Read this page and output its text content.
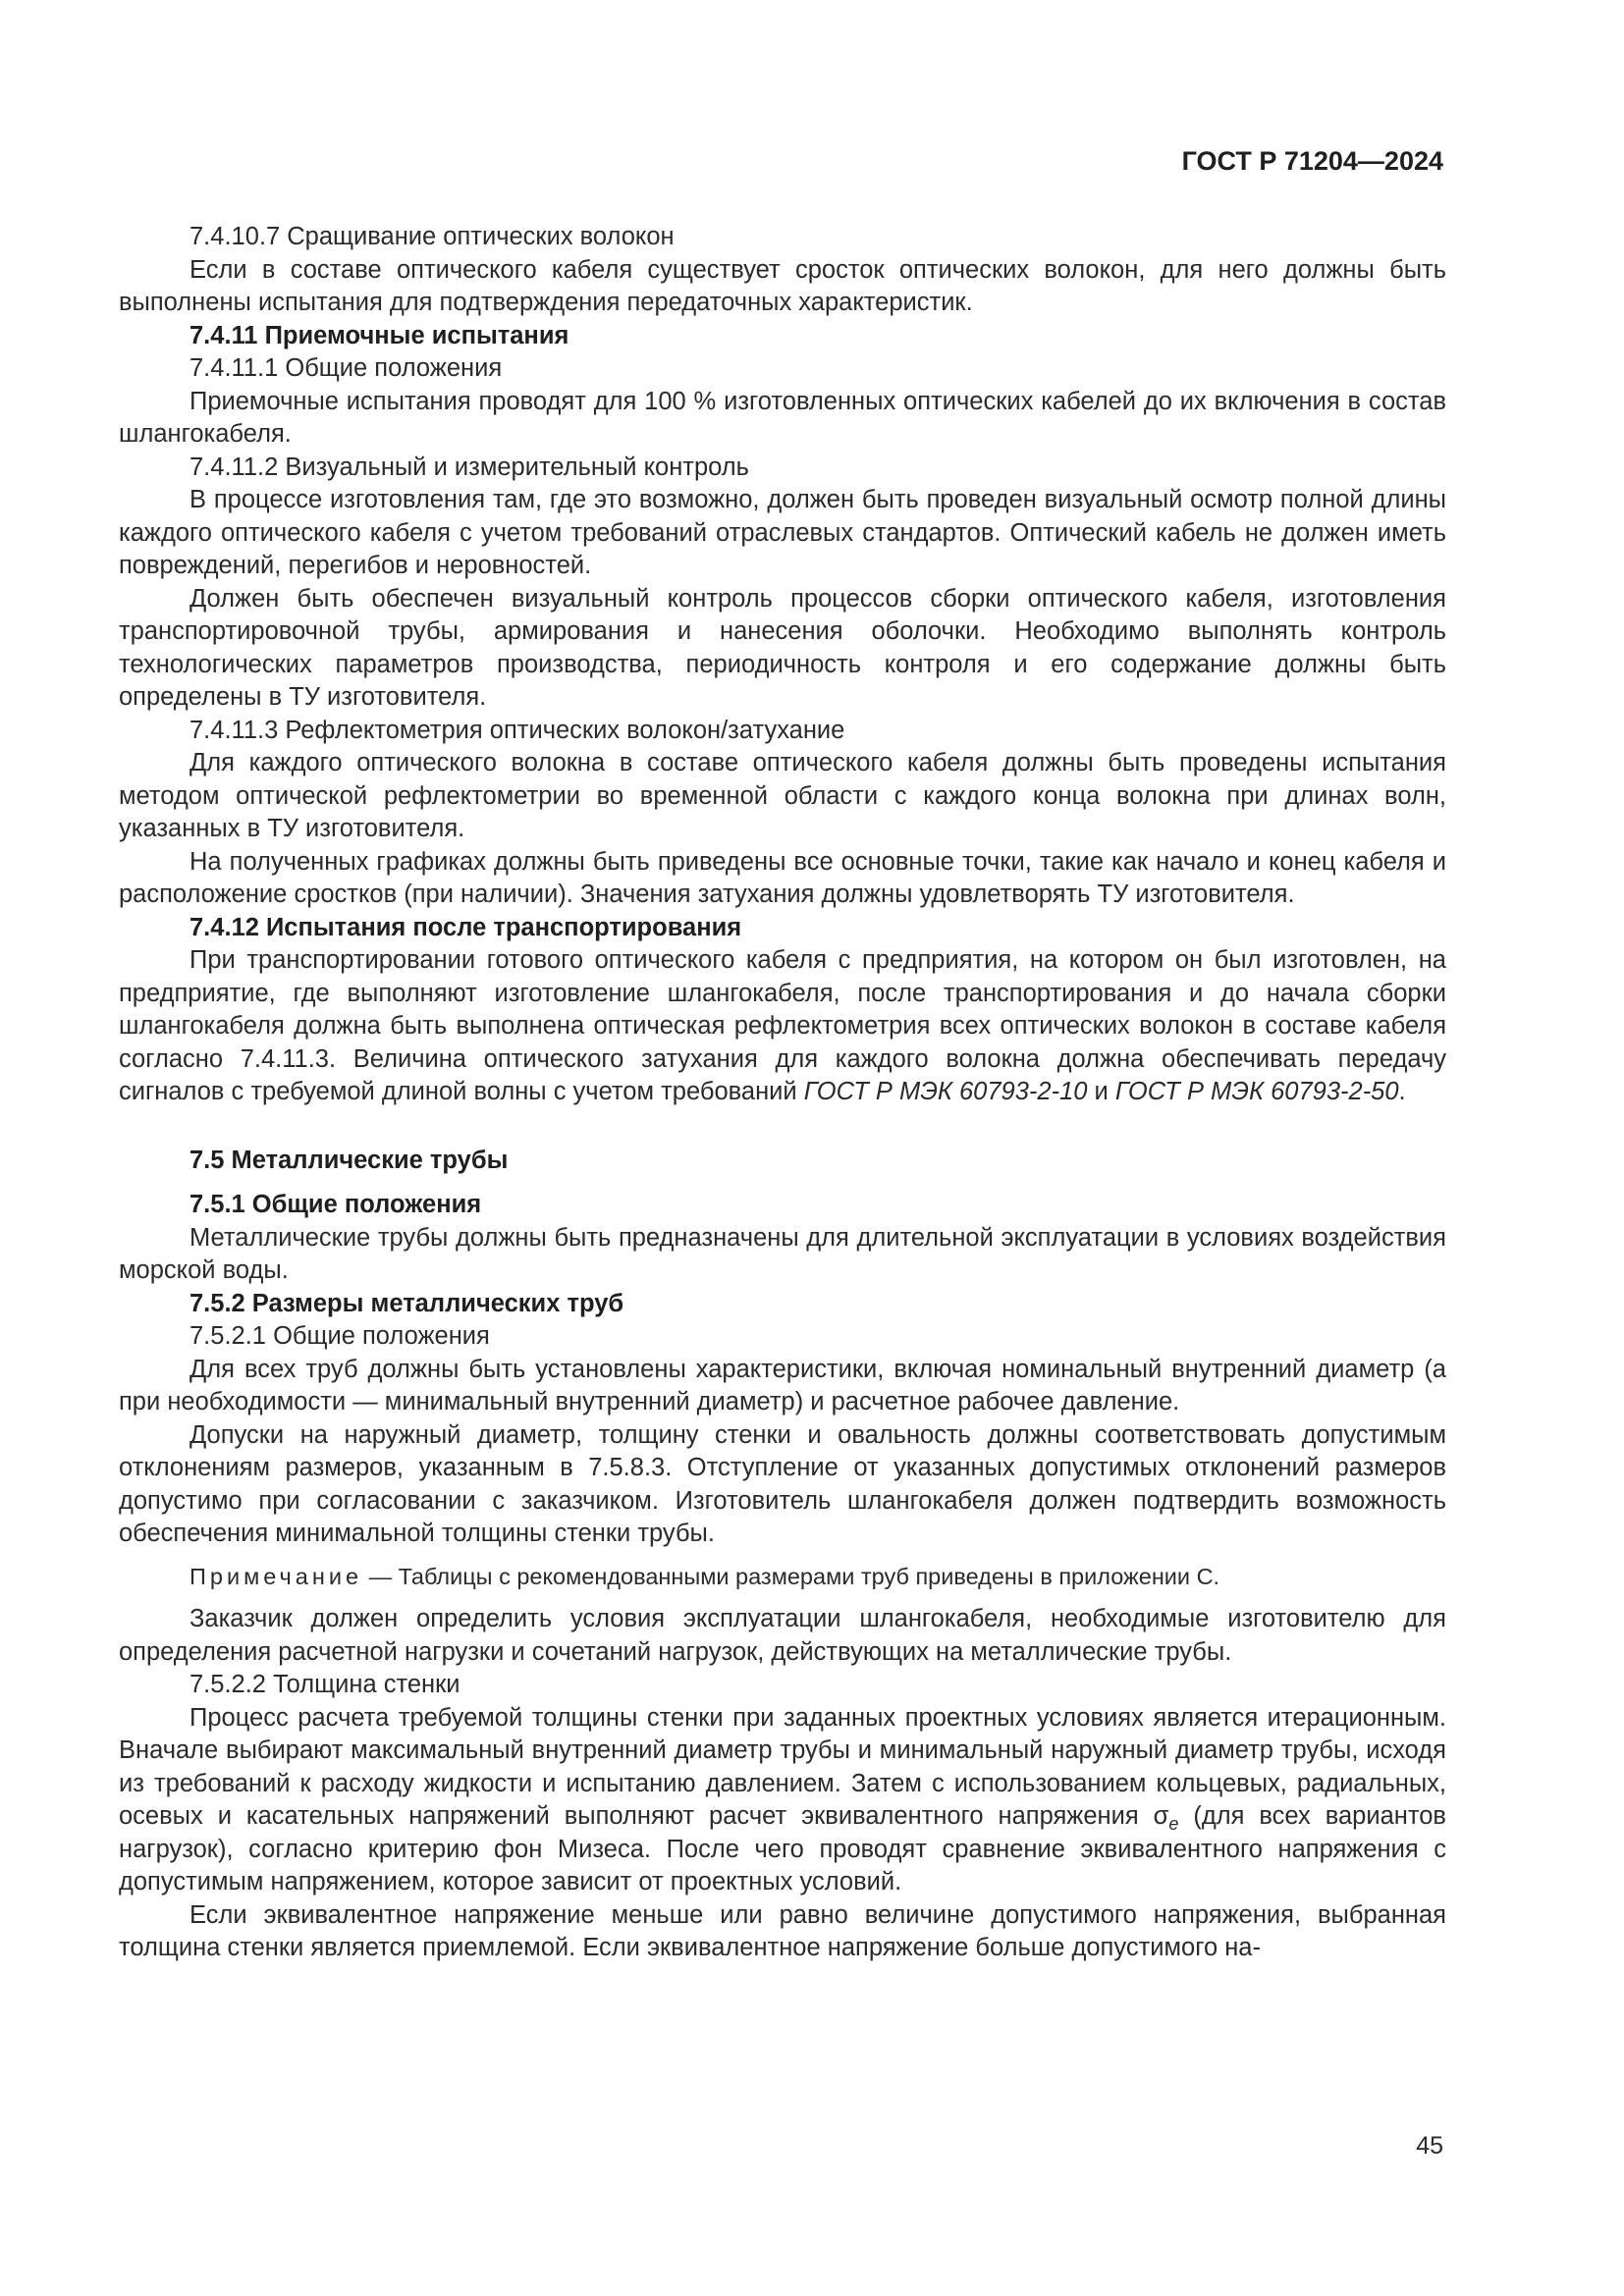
ГОСТ Р 71204—2024

7.4.10.7 Сращивание оптических волокон

Если в составе оптического кабеля существует сросток оптических волокон, для него должны быть выполнены испытания для подтверждения передаточных характеристик.

7.4.11 Приемочные испытания

7.4.11.1 Общие положения

Приемочные испытания проводят для 100 % изготовленных оптических кабелей до их включения в состав шлангокабеля.

7.4.11.2 Визуальный и измерительный контроль

В процессе изготовления там, где это возможно, должен быть проведен визуальный осмотр полной длины каждого оптического кабеля с учетом требований отраслевых стандартов. Оптический кабель не должен иметь повреждений, перегибов и неровностей.

Должен быть обеспечен визуальный контроль процессов сборки оптического кабеля, изготовления транспортировочной трубы, армирования и нанесения оболочки. Необходимо выполнять контроль технологических параметров производства, периодичность контроля и его содержание должны быть определены в ТУ изготовителя.

7.4.11.3 Рефлектометрия оптических волокон/затухание

Для каждого оптического волокна в составе оптического кабеля должны быть проведены испытания методом оптической рефлектометрии во временной области с каждого конца волокна при длинах волн, указанных в ТУ изготовителя.

На полученных графиках должны быть приведены все основные точки, такие как начало и конец кабеля и расположение сростков (при наличии). Значения затухания должны удовлетворять ТУ изготовителя.

7.4.12 Испытания после транспортирования

При транспортировании готового оптического кабеля с предприятия, на котором он был изготовлен, на предприятие, где выполняют изготовление шлангокабеля, после транспортирования и до начала сборки шлангокабеля должна быть выполнена оптическая рефлектометрия всех оптических волокон в составе кабеля согласно 7.4.11.3. Величина оптического затухания для каждого волокна должна обеспечивать передачу сигналов с требуемой длиной волны с учетом требований ГОСТ Р МЭК 60793-2-10 и ГОСТ Р МЭК 60793-2-50.

7.5 Металлические трубы

7.5.1 Общие положения

Металлические трубы должны быть предназначены для длительной эксплуатации в условиях воздействия морской воды.

7.5.2 Размеры металлических труб

7.5.2.1 Общие положения

Для всех труб должны быть установлены характеристики, включая номинальный внутренний диаметр (а при необходимости — минимальный внутренний диаметр) и расчетное рабочее давление.

Допуски на наружный диаметр, толщину стенки и овальность должны соответствовать допустимым отклонениям размеров, указанным в 7.5.8.3. Отступление от указанных допустимых отклонений размеров допустимо при согласовании с заказчиком. Изготовитель шлангокабеля должен подтвердить возможность обеспечения минимальной толщины стенки трубы.

Примечание — Таблицы с рекомендованными размерами труб приведены в приложении С.

Заказчик должен определить условия эксплуатации шлангокабеля, необходимые изготовителю для определения расчетной нагрузки и сочетаний нагрузок, действующих на металлические трубы.

7.5.2.2 Толщина стенки

Процесс расчета требуемой толщины стенки при заданных проектных условиях является итерационным. Вначале выбирают максимальный внутренний диаметр трубы и минимальный наружный диаметр трубы, исходя из требований к расходу жидкости и испытанию давлением. Затем с использованием кольцевых, радиальных, осевых и касательных напряжений выполняют расчет эквивалентного напряжения $\sigma_e$ (для всех вариантов нагрузок), согласно критерию фон Мизеса. После чего проводят сравнение эквивалентного напряжения с допустимым напряжением, которое зависит от проектных условий.

Если эквивалентное напряжение меньше или равно величине допустимого напряжения, выбранная толщина стенки является приемлемой. Если эквивалентное напряжение больше допустимого на-

45
